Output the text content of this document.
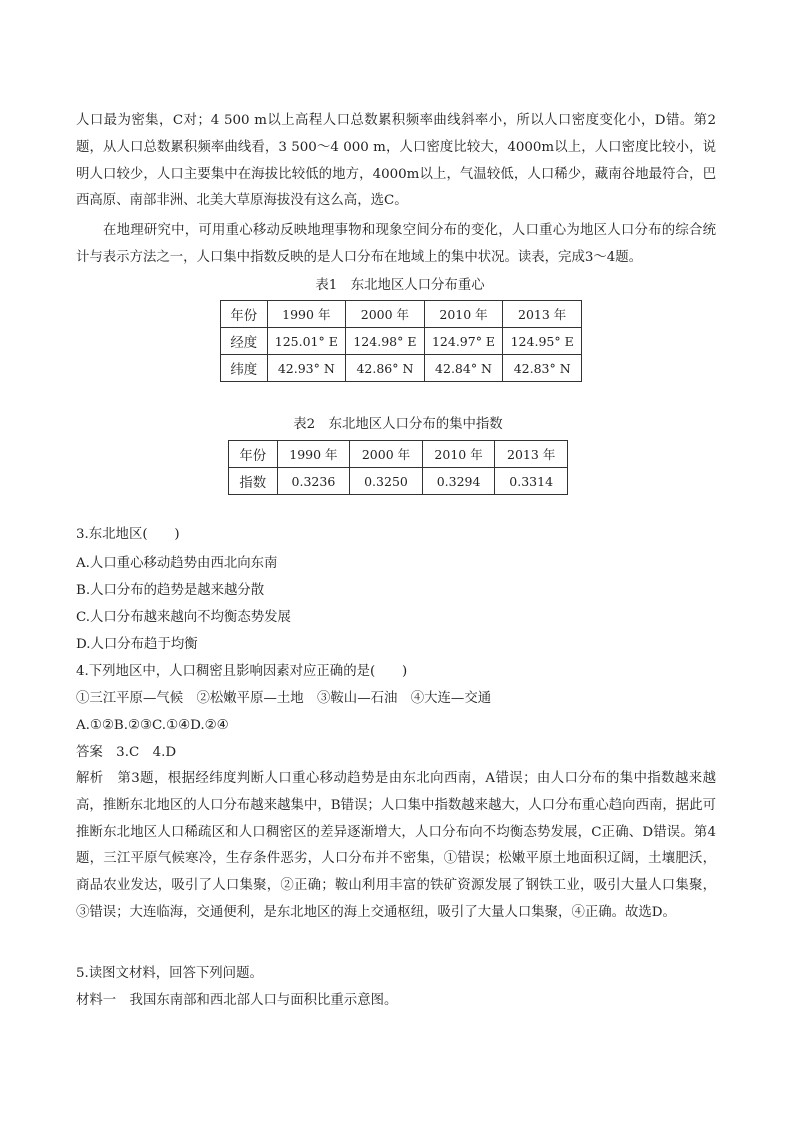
人口最为密集，C对；4 500 m以上高程人口总数累积频率曲线斜率小，所以人口密度变化小，D错。第2题，从人口总数累积频率曲线看，3 500～4 000 m，人口密度比较大，4000m以上，人口密度比较小，说明人口较少，人口主要集中在海拔比较低的地方，4000m以上，气温较低，人口稀少，藏南谷地最符合，巴西高原、南部非洲、北美大草原海拔没有这么高，选C。

在地理研究中，可用重心移动反映地理事物和现象空间分布的变化，人口重心为地区人口分布的综合统计与表示方法之一，人口集中指数反映的是人口分布在地域上的集中状况。读表，完成3～4题。

表1　东北地区人口分布重心

年份	1990 年	2000 年	2010 年	2013 年
经度	125.01° E	124.98° E	124.97° E	124.95° E
纬度	42.93° N	42.86° N	42.84° N	42.83° N

表2　东北地区人口分布的集中指数

年份	1990 年	2000 年	2010 年	2013 年
指数	0.3236	0.3250	0.3294	0.3314

3.东北地区(　　)

A.人口重心移动趋势由西北向东南

B.人口分布的趋势是越来越分散

C.人口分布越来越向不均衡态势发展

D.人口分布趋于均衡

4.下列地区中，人口稠密且影响因素对应正确的是(　　)

①三江平原—气候　②松嫩平原—土地　③鞍山—石油　④大连—交通

A.①②B.②③C.①④D.②④

答案　3.C　4.D

解析　第3题，根据经纬度判断人口重心移动趋势是由东北向西南，A错误；由人口分布的集中指数越来越高，推断东北地区的人口分布越来越集中，B错误；人口集中指数越来越大，人口分布重心趋向西南，据此可推断东北地区人口稀疏区和人口稠密区的差异逐渐增大，人口分布向不均衡态势发展，C正确、D错误。第4题，三江平原气候寒冷，生存条件恶劣，人口分布并不密集，①错误；松嫩平原土地面积辽阔，土壤肥沃，商品农业发达，吸引了人口集聚，②正确；鞍山利用丰富的铁矿资源发展了钢铁工业，吸引大量人口集聚，③错误；大连临海，交通便利，是东北地区的海上交通枢纽，吸引了大量人口集聚，④正确。故选D。

5.读图文材料，回答下列问题。

材料一　我国东南部和西北部人口与面积比重示意图。
